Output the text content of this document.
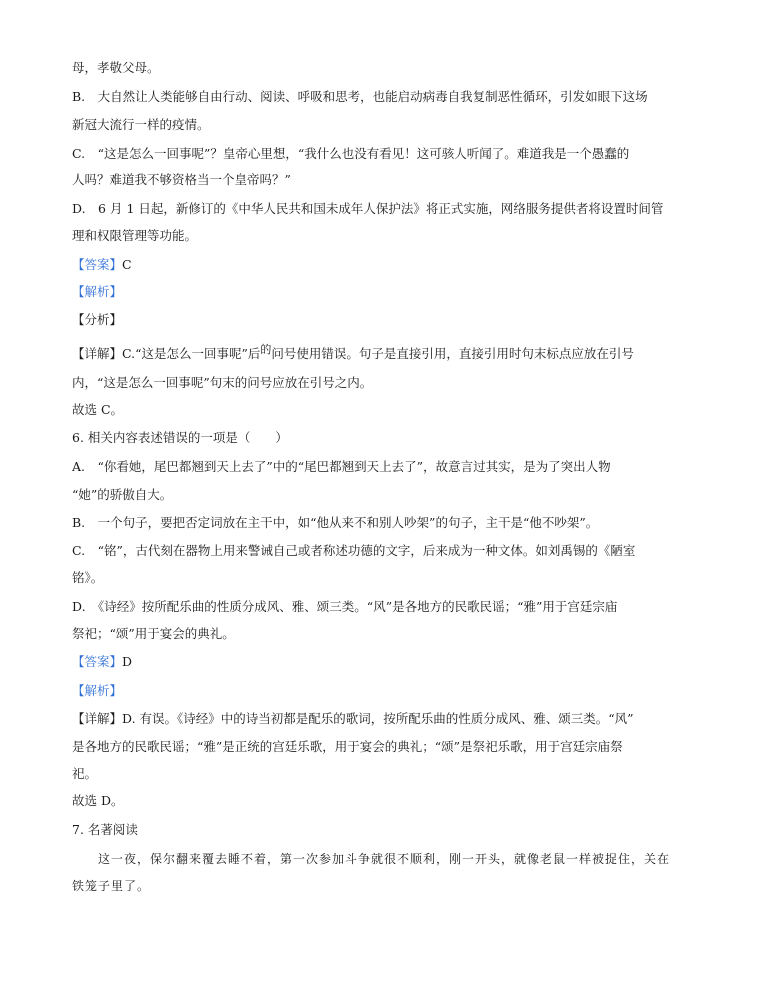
母，孝敬父母。
B.　大自然让人类能够自由行动、阅读、呼吸和思考，也能启动病毒自我复制恶性循环，引发如眼下这场
新冠大流行一样的疫情。
C.　“这是怎么一回事呢”？皇帝心里想，“我什么也没有看见！这可骇人听闻了。难道我是一个愚蠢的
人吗？难道我不够资格当一个皇帝吗？”
D.　6 月 1 日起，新修订的《中华人民共和国未成年人保护法》将正式实施，网络服务提供者将设置时间管
理和权限管理等功能。
【答案】C
【解析】
【分析】
【详解】C.“这是怎么一回事呢”后的问号使用错误。句子是直接引用，直接引用时句末标点应放在引号
内，“这是怎么一回事呢”句末的问号应放在引号之内。
故选 C。
6. 相关内容表述错误的一项是（　　）
A.　“你看她，尾巴都翘到天上去了”中的“尾巴都翘到天上去了”，故意言过其实，是为了突出人物
“她”的骄傲自大。
B.　一个句子，要把否定词放在主干中，如“他从来不和别人吵架”的句子，主干是“他不吵架”。
C.　“铭”，古代刻在器物上用来警诫自己或者称述功德的文字，后来成为一种文体。如刘禹锡的《陋室
铭》。
D.　《诗经》按所配乐曲的性质分成风、雅、颂三类。“风”是各地方的民歌民谣；“雅”用于宫廷宗庙
祭祀；“颂”用于宴会的典礼。
【答案】D
【解析】
【详解】D. 有误。《诗经》中的诗当初都是配乐的歌词，按所配乐曲的性质分成风、雅、颂三类。“风”
是各地方的民歌民谣；“雅”是正统的宫廷乐歌，用于宴会的典礼；“颂”是祭祀乐歌，用于宫廷宗庙祭
祀。
故选 D。
7. 名著阅读
　　这一夜，保尔翻来覆去睡不着，第一次参加斗争就很不顺利，刚一开头，就像老鼠一样被捉住，关在
铁笼子里了。
